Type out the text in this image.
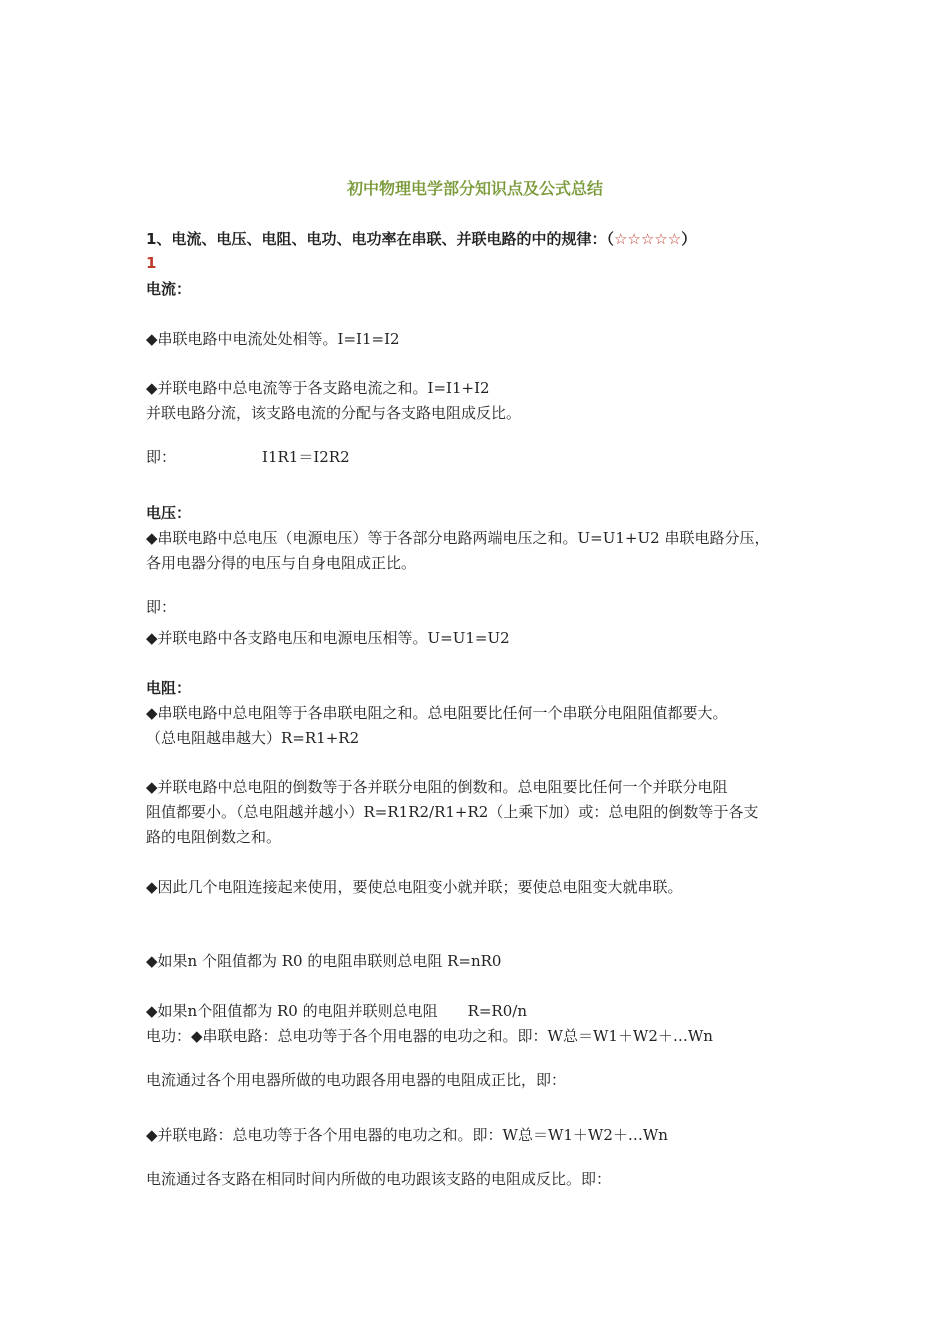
初中物理电学部分知识点及公式总结
1、电流、电压、电阻、电功、电功率在串联、并联电路的中的规律：（☆☆☆☆☆）
1
电流：
◆串联电路中电流处处相等。I=I1=I2
◆并联电路中总电流等于各支路电流之和。I=I1+I2
并联电路分流，该支路电流的分配与各支路电阻成反比。
即：	I1R1＝I2R2
电压：
◆串联电路中总电压（电源电压）等于各部分电路两端电压之和。U=U1+U2 串联电路分压，
各用电器分得的电压与自身电阻成正比。
即：
◆并联电路中各支路电压和电源电压相等。U=U1=U2
电阻：
◆串联电路中总电阻等于各串联电阻之和。总电阻要比任何一个串联分电阻阻值都要大。
（总电阻越串越大）R=R1+R2
◆并联电路中总电阻的倒数等于各并联分电阻的倒数和。总电阻要比任何一个并联分电阻
阻值都要小。（总电阻越并越小）R=R1R2/R1+R2（上乘下加）或：总电阻的倒数等于各支
路的电阻倒数之和。
◆因此几个电阻连接起来使用，要使总电阻变小就并联；要使总电阻变大就串联。
◆如果n 个阻值都为 R0 的电阻串联则总电阻 R=nR0
◆如果n个阻值都为 R0 的电阻并联则总电阻　　R=R0/n
电功：◆串联电路：总电功等于各个用电器的电功之和。即：W总＝W1＋W2＋…Wn
电流通过各个用电器所做的电功跟各用电器的电阻成正比，即：
◆并联电路：总电功等于各个用电器的电功之和。即：W总＝W1＋W2＋…Wn
电流通过各支路在相同时间内所做的电功跟该支路的电阻成反比。即：
